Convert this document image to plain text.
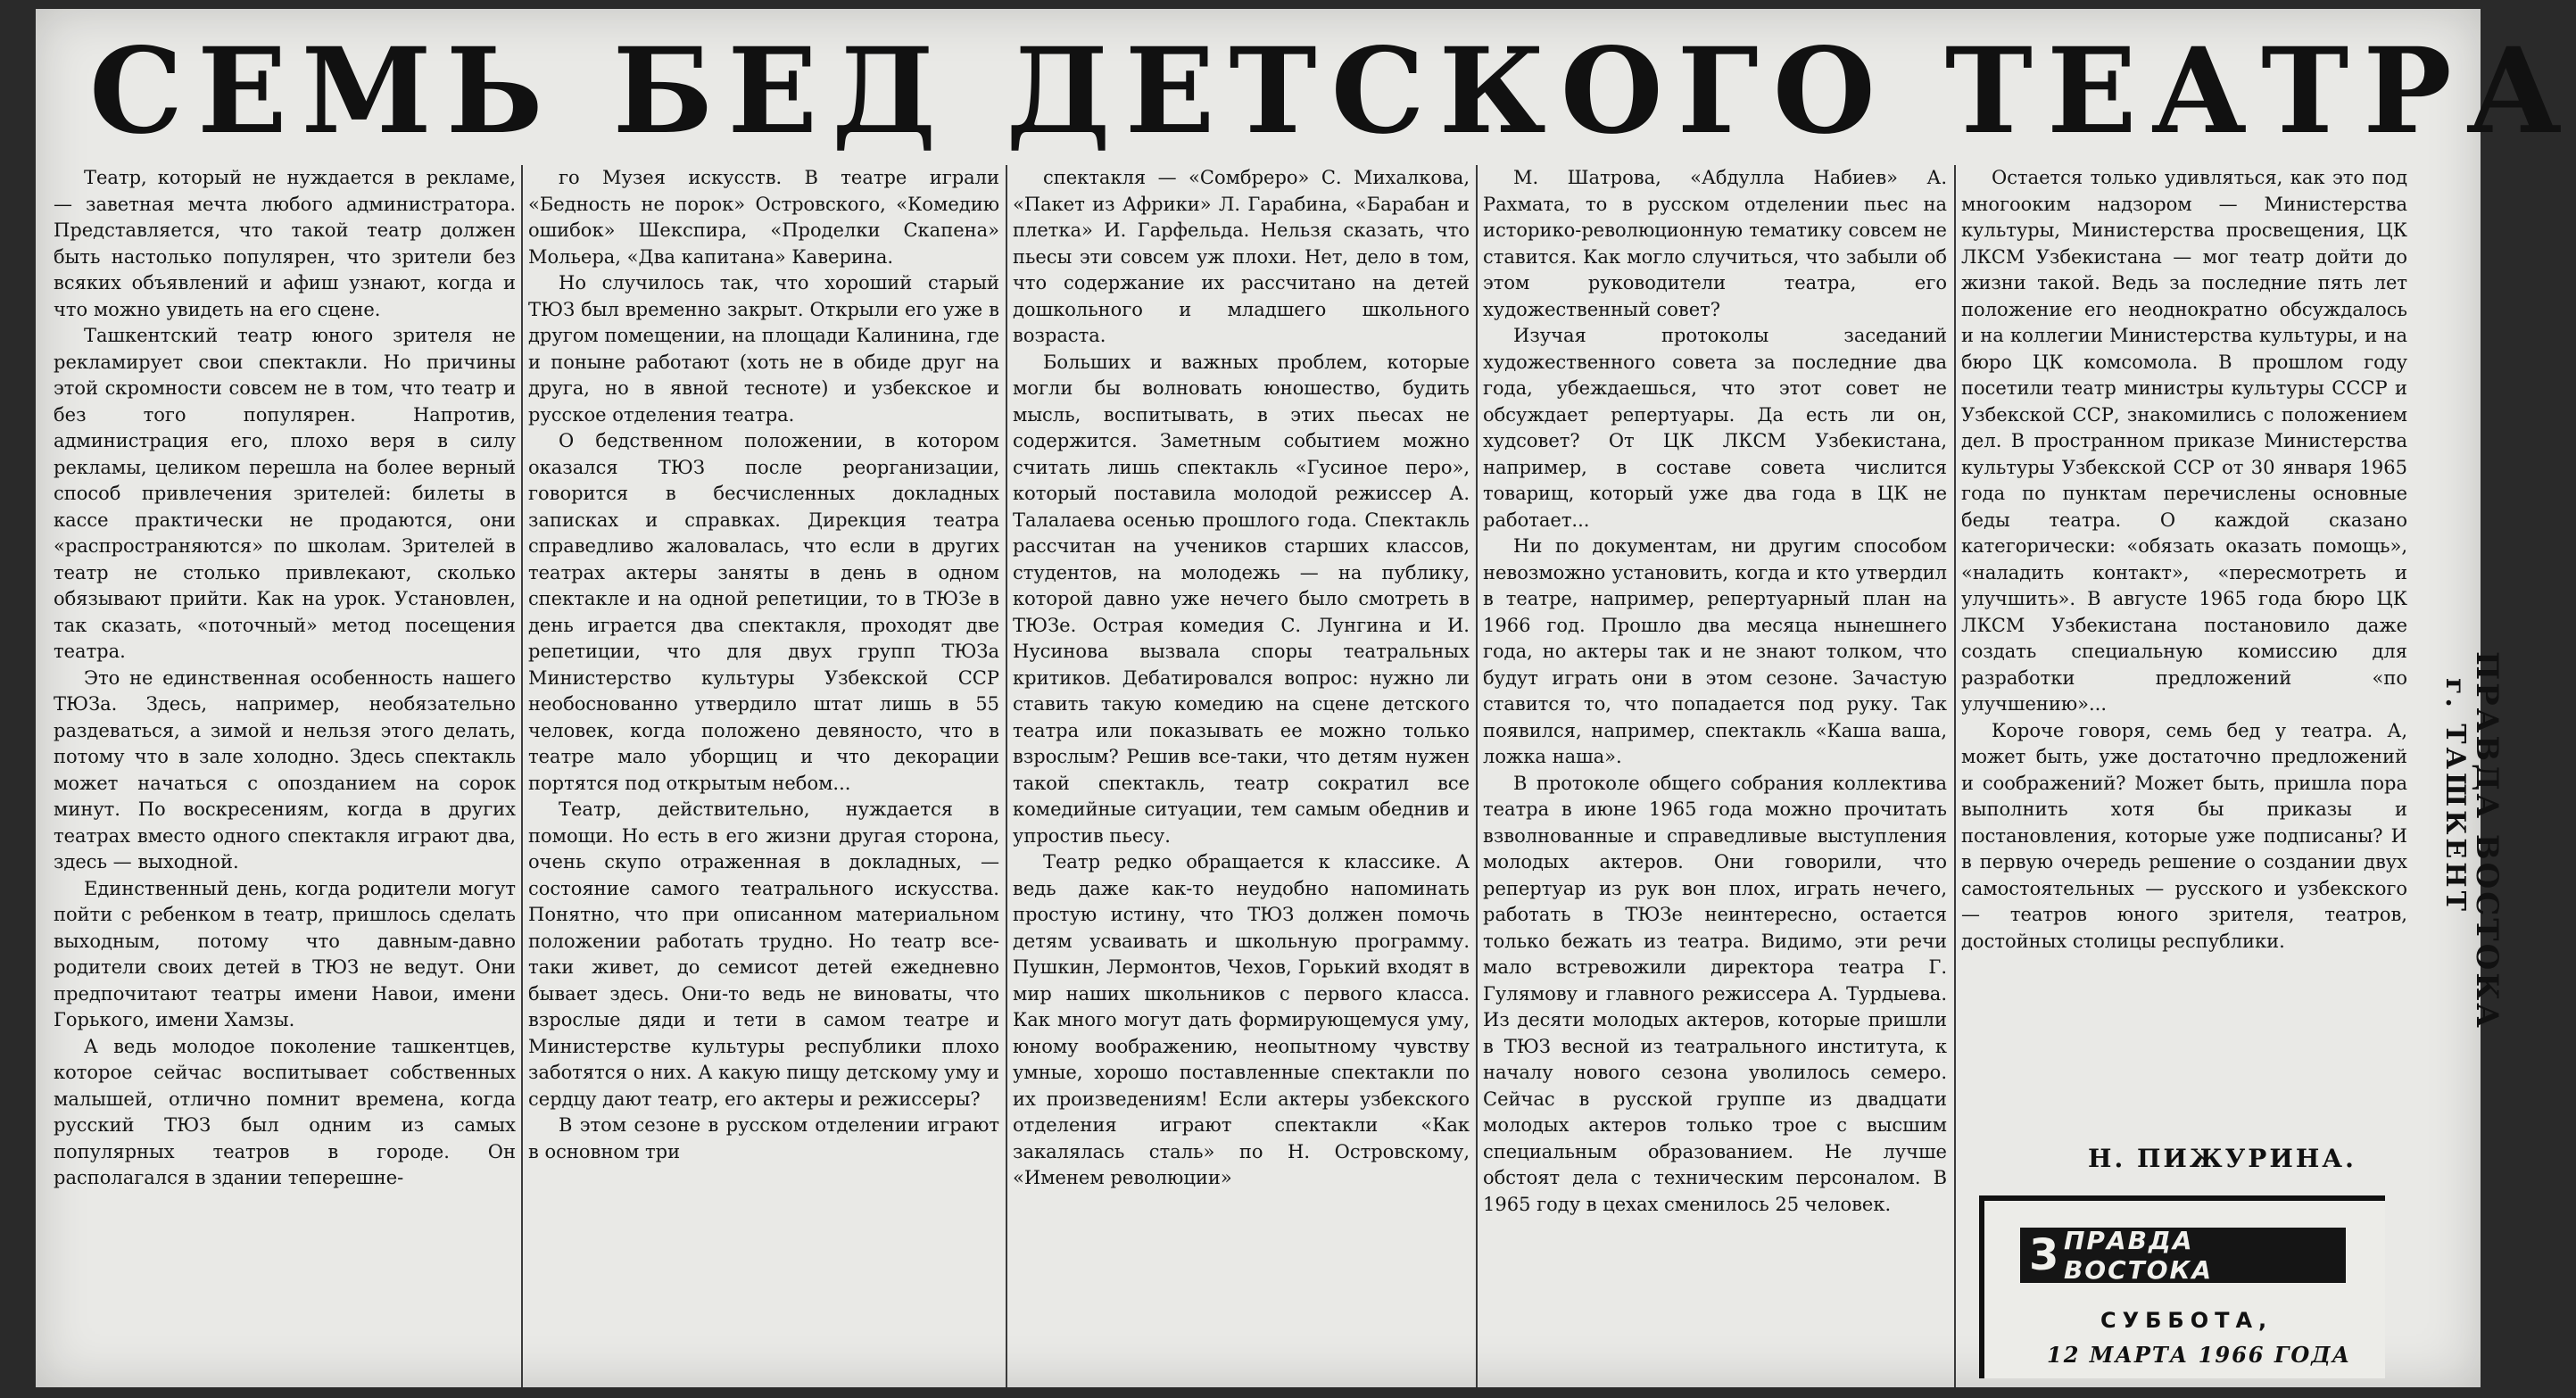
СЕМЬ БЕД ДЕТСКОГО ТЕАТРА

Театр, который не нуждается в рекламе, — заветная мечта любого администратора. Представляется, что такой театр должен быть настолько популярен, что зрители без всяких объявлений и афиш узнают, когда и что можно увидеть на его сцене.

Ташкентский театр юного зрителя не рекламирует свои спектакли. Но причины этой скромности совсем не в том, что театр и без того популярен. Напротив, администрация его, плохо веря в силу рекламы, целиком перешла на более верный способ привлечения зрителей: билеты в кассе практически не продаются, они «распространяются» по школам. Зрителей в театр не столько привлекают, сколько обязывают прийти. Как на урок. Установлен, так сказать, «поточный» метод посещения театра.

Это не единственная особенность нашего ТЮЗа. Здесь, например, необязательно раздеваться, а зимой и нельзя этого делать, потому что в зале холодно. Здесь спектакль может начаться с опозданием на сорок минут. По воскресениям, когда в других театрах вместо одного спектакля играют два, здесь — выходной.

Единственный день, когда родители могут пойти с ребенком в театр, пришлось сделать выходным, потому что давным-давно родители своих детей в ТЮЗ не ведут. Они предпочитают театры имени Навои, имени Горького, имени Хамзы.

А ведь молодое поколение ташкентцев, которое сейчас воспитывает собственных малышей, отлично помнит времена, когда русский ТЮЗ был одним из самых популярных театров в городе. Он располагался в здании теперешне-

го Музея искусств. В театре играли «Бедность не порок» Островского, «Комедию ошибок» Шекспира, «Проделки Скапена» Мольера, «Два капитана» Каверина.

Но случилось так, что хороший старый ТЮЗ был временно закрыт. Открыли его уже в другом помещении, на площади Калинина, где и поныне работают (хоть не в обиде друг на друга, но в явной тесноте) и узбекское и русское отделения театра.

О бедственном положении, в котором оказался ТЮЗ после реорганизации, говорится в бесчисленных докладных записках и справках. Дирекция театра справедливо жаловалась, что если в других театрах актеры заняты в день в одном спектакле и на одной репетиции, то в ТЮЗе в день играется два спектакля, проходят две репетиции, что для двух групп ТЮЗа Министерство культуры Узбекской ССР необоснованно утвердило штат лишь в 55 человек, когда положено девяносто, что в театре мало уборщиц и что декорации портятся под открытым небом...

Театр, действительно, нуждается в помощи. Но есть в его жизни другая сторона, очень скупо отраженная в докладных, — состояние самого театрального искусства. Понятно, что при описанном материальном положении работать трудно. Но театр все-таки живет, до семисот детей ежедневно бывает здесь. Они-то ведь не виноваты, что взрослые дяди и тети в самом театре и Министерстве культуры республики плохо заботятся о них. А какую пищу детскому уму и сердцу дают театр, его актеры и режиссеры?

В этом сезоне в русском отделении играют в основном три

спектакля — «Сомбреро» С. Михалкова, «Пакет из Африки» Л. Гарабина, «Барабан и плетка» И. Гарфельда. Нельзя сказать, что пьесы эти совсем уж плохи. Нет, дело в том, что содержание их рассчитано на детей дошкольного и младшего школьного возраста.

Больших и важных проблем, которые могли бы волновать юношество, будить мысль, воспитывать, в этих пьесах не содержится. Заметным событием можно считать лишь спектакль «Гусиное перо», который поставила молодой режиссер А. Талалаева осенью прошлого года. Спектакль рассчитан на учеников старших классов, студентов, на молодежь — на публику, которой давно уже нечего было смотреть в ТЮЗе. Острая комедия С. Лунгина и И. Нусинова вызвала споры театральных критиков. Дебатировался вопрос: нужно ли ставить такую комедию на сцене детского театра или показывать ее можно только взрослым? Решив все-таки, что детям нужен такой спектакль, театр сократил все комедийные ситуации, тем самым обеднив и упростив пьесу.

Театр редко обращается к классике. А ведь даже как-то неудобно напоминать простую истину, что ТЮЗ должен помочь детям усваивать и школьную программу. Пушкин, Лермонтов, Чехов, Горький входят в мир наших школьников с первого класса. Как много могут дать формирующемуся уму, юному воображению, неопытному чувству умные, хорошо поставленные спектакли по их произведениям! Если актеры узбекского отделения играют спектакли «Как закалялась сталь» по Н. Островскому, «Именем революции»

М. Шатрова, «Абдулла Набиев» А. Рахмата, то в русском отделении пьес на историко-революционную тематику совсем не ставится. Как могло случиться, что забыли об этом руководители театра, его художественный совет?

Изучая протоколы заседаний художественного совета за последние два года, убеждаешься, что этот совет не обсуждает репертуары. Да есть ли он, худсовет? От ЦК ЛКСМ Узбекистана, например, в составе совета числится товарищ, который уже два года в ЦК не работает...

Ни по документам, ни другим способом невозможно установить, когда и кто утвердил в театре, например, репертуарный план на 1966 год. Прошло два месяца нынешнего года, но актеры так и не знают толком, что будут играть они в этом сезоне. Зачастую ставится то, что попадается под руку. Так появился, например, спектакль «Каша ваша, ложка наша».

В протоколе общего собрания коллектива театра в июне 1965 года можно прочитать взволнованные и справедливые выступления молодых актеров. Они говорили, что репертуар из рук вон плох, играть нечего, работать в ТЮЗе неинтересно, остается только бежать из театра. Видимо, эти речи мало встревожили директора театра Г. Гулямову и главного режиссера А. Турдыева. Из десяти молодых актеров, которые пришли в ТЮЗ весной из театрального института, к началу нового сезона уволилось семеро. Сейчас в русской группе из двадцати молодых актеров только трое с высшим специальным образованием. Не лучше обстоят дела с техническим персоналом. В 1965 году в цехах сменилось 25 человек.

Остается только удивляться, как это под многооким надзором — Министерства культуры, Министерства просвещения, ЦК ЛКСМ Узбекистана — мог театр дойти до жизни такой. Ведь за последние пять лет положение его неоднократно обсуждалось и на коллегии Министерства культуры, и на бюро ЦК комсомола. В прошлом году посетили театр министры культуры СССР и Узбекской ССР, знакомились с положением дел. В пространном приказе Министерства культуры Узбекской ССР от 30 января 1965 года по пунктам перечислены основные беды театра. О каждой сказано категорически: «обязать оказать помощь», «наладить контакт», «пересмотреть и улучшить». В августе 1965 года бюро ЦК ЛКСМ Узбекистана постановило даже создать специальную комиссию для разработки предложений «по улучшению»...

Короче говоря, семь бед у театра. А, может быть, уже достаточно предложений и соображений? Может быть, пришла пора выполнить хотя бы приказы и постановления, которые уже подписаны? И в первую очередь решение о создании двух самостоятельных — русского и узбекского — театров юного зрителя, театров, достойных столицы республики.

Н. ПИЖУРИНА.
ПРАВДА ВОСТОКА
г. ТАШКЕНТ
3 ПРАВДА ВОСТОКА
СУББОТА,
12 МАРТА 1966 ГОДА
